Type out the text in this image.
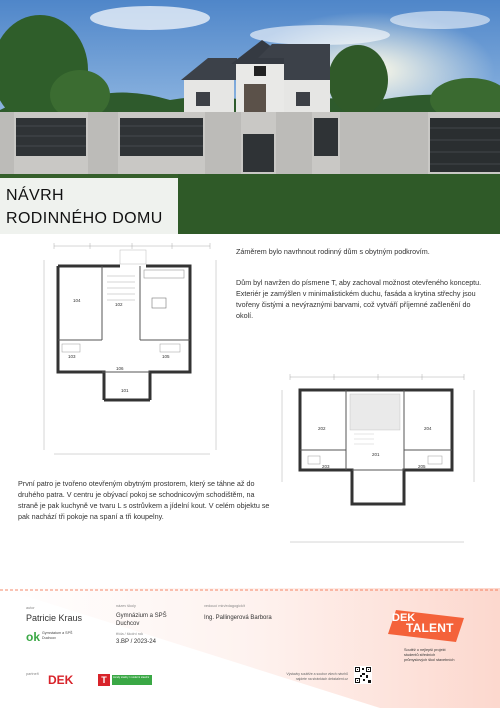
NÁVRH
RODINNÉHO DOMU
104
102
106
103	105
101
Záměrem bylo navrhnout rodinný dům s obytným podkrovím.
Dům byl navržen do písmene T, aby zachoval možnost otevřeného konceptu. Exteriér je zamýšlen v minimalistickém duchu, fasáda a krytina střechy jsou tvořeny čistými a nevýraznými barvami, což vytváří příjemné začlenění do okolí.
202
201
204
203	205
První patro je tvořeno otevřeným obytným prostorem, který se táhne až do druhého patra. V centru je obývací pokoj se schodnicovým schodištěm, na straně je pak kuchyně ve tvaru L s ostrůvkem a jídelní kout. V celém objektu se pak nachází tři pokoje na spaní a tři koupelny.
autor
Patricie Kraus
ok Gymnázium a SPŠ Duchcov
název školy
Gymnázium a SPŠ Duchcov
třída / školní rok
3.BP / 2023-24
vedoucí min/edagogick/t
Ing. Pallingerová Barbora
partneři DEK	T	trendy stavby / moderní stavění
Výstavky soutěže a soubor všech návrhů najdete na stránkách dekstalent.cz
DEK
TALENT
Soutěž o nejlepší projekt studentů středních průmyslových škol stavebních
